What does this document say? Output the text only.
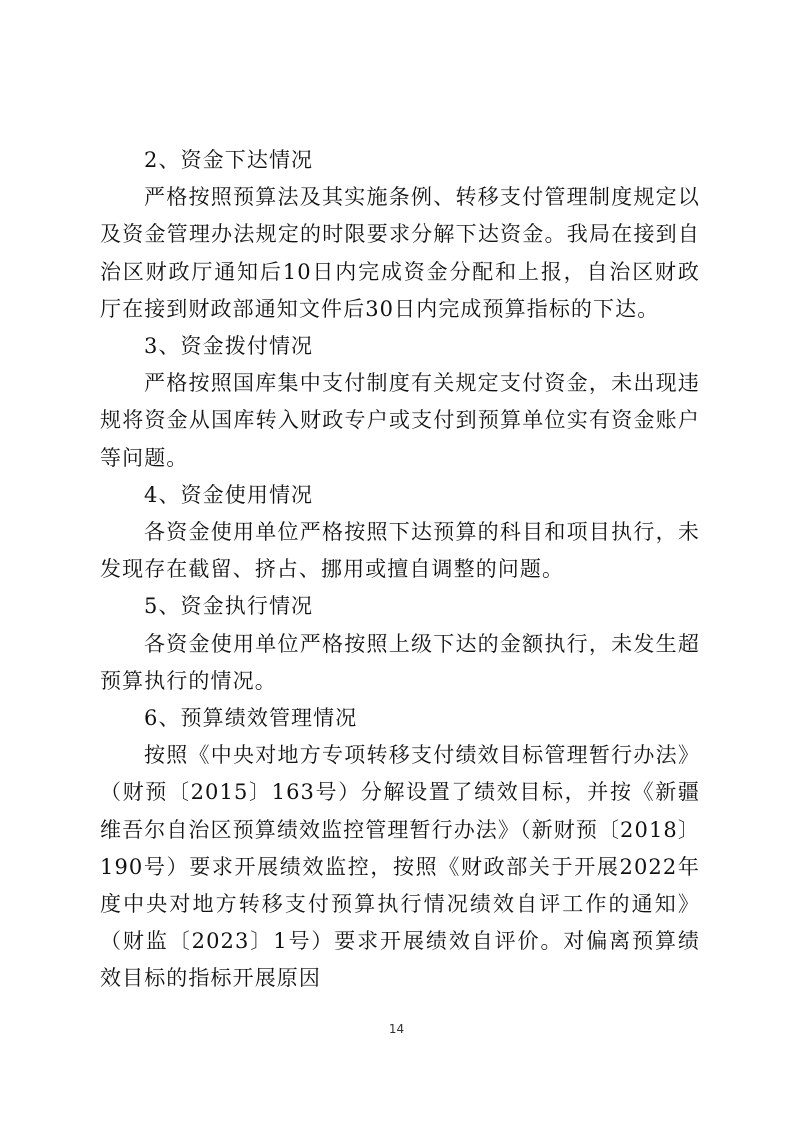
2、资金下达情况
严格按照预算法及其实施条例、转移支付管理制度规定以及资金管理办法规定的时限要求分解下达资金。我局在接到自治区财政厅通知后10日内完成资金分配和上报，自治区财政厅在接到财政部通知文件后30日内完成预算指标的下达。
3、资金拨付情况
严格按照国库集中支付制度有关规定支付资金，未出现违规将资金从国库转入财政专户或支付到预算单位实有资金账户等问题。
4、资金使用情况
各资金使用单位严格按照下达预算的科目和项目执行，未发现存在截留、挤占、挪用或擅自调整的问题。
5、资金执行情况
各资金使用单位严格按照上级下达的金额执行，未发生超预算执行的情况。
6、预算绩效管理情况
按照《中央对地方专项转移支付绩效目标管理暂行办法》（财预〔2015〕163号）分解设置了绩效目标，并按《新疆维吾尔自治区预算绩效监控管理暂行办法》（新财预〔2018〕190号）要求开展绩效监控，按照《财政部关于开展2022年度中央对地方转移支付预算执行情况绩效自评工作的通知》（财监〔2023〕1号）要求开展绩效自评价。对偏离预算绩效目标的指标开展原因
14
